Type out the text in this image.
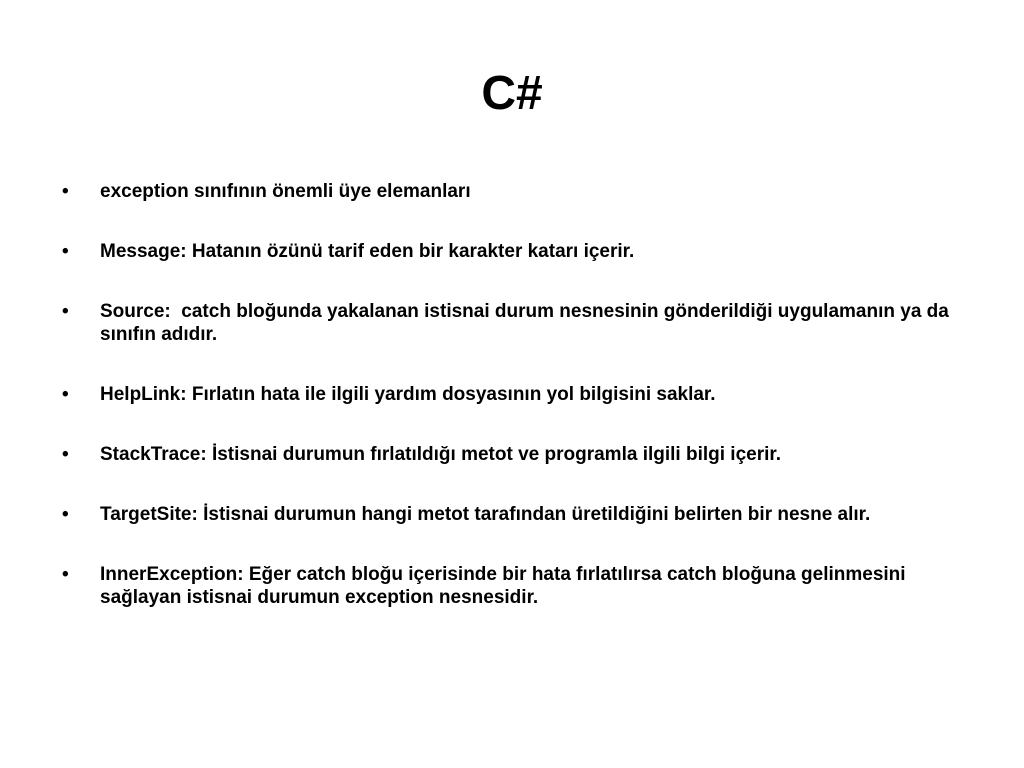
C#
•	exception sınıfının önemli üye elemanları
•	Message: Hatanın özünü tarif eden bir karakter katarı içerir.
•	Source:  catch bloğunda yakalanan istisnai durum nesnesinin gönderildiği uygulamanın ya da sınıfın adıdır.
•	HelpLink: Fırlatın hata ile ilgili yardım dosyasının yol bilgisini saklar.
•	StackTrace: İstisnai durumun fırlatıldığı metot ve programla ilgili bilgi içerir.
•	TargetSite: İstisnai durumun hangi metot tarafından üretildiğini belirten bir nesne alır.
•	InnerException: Eğer catch bloğu içerisinde bir hata fırlatılırsa catch bloğuna gelinmesini sağlayan istisnai durumun exception nesnesidir.
